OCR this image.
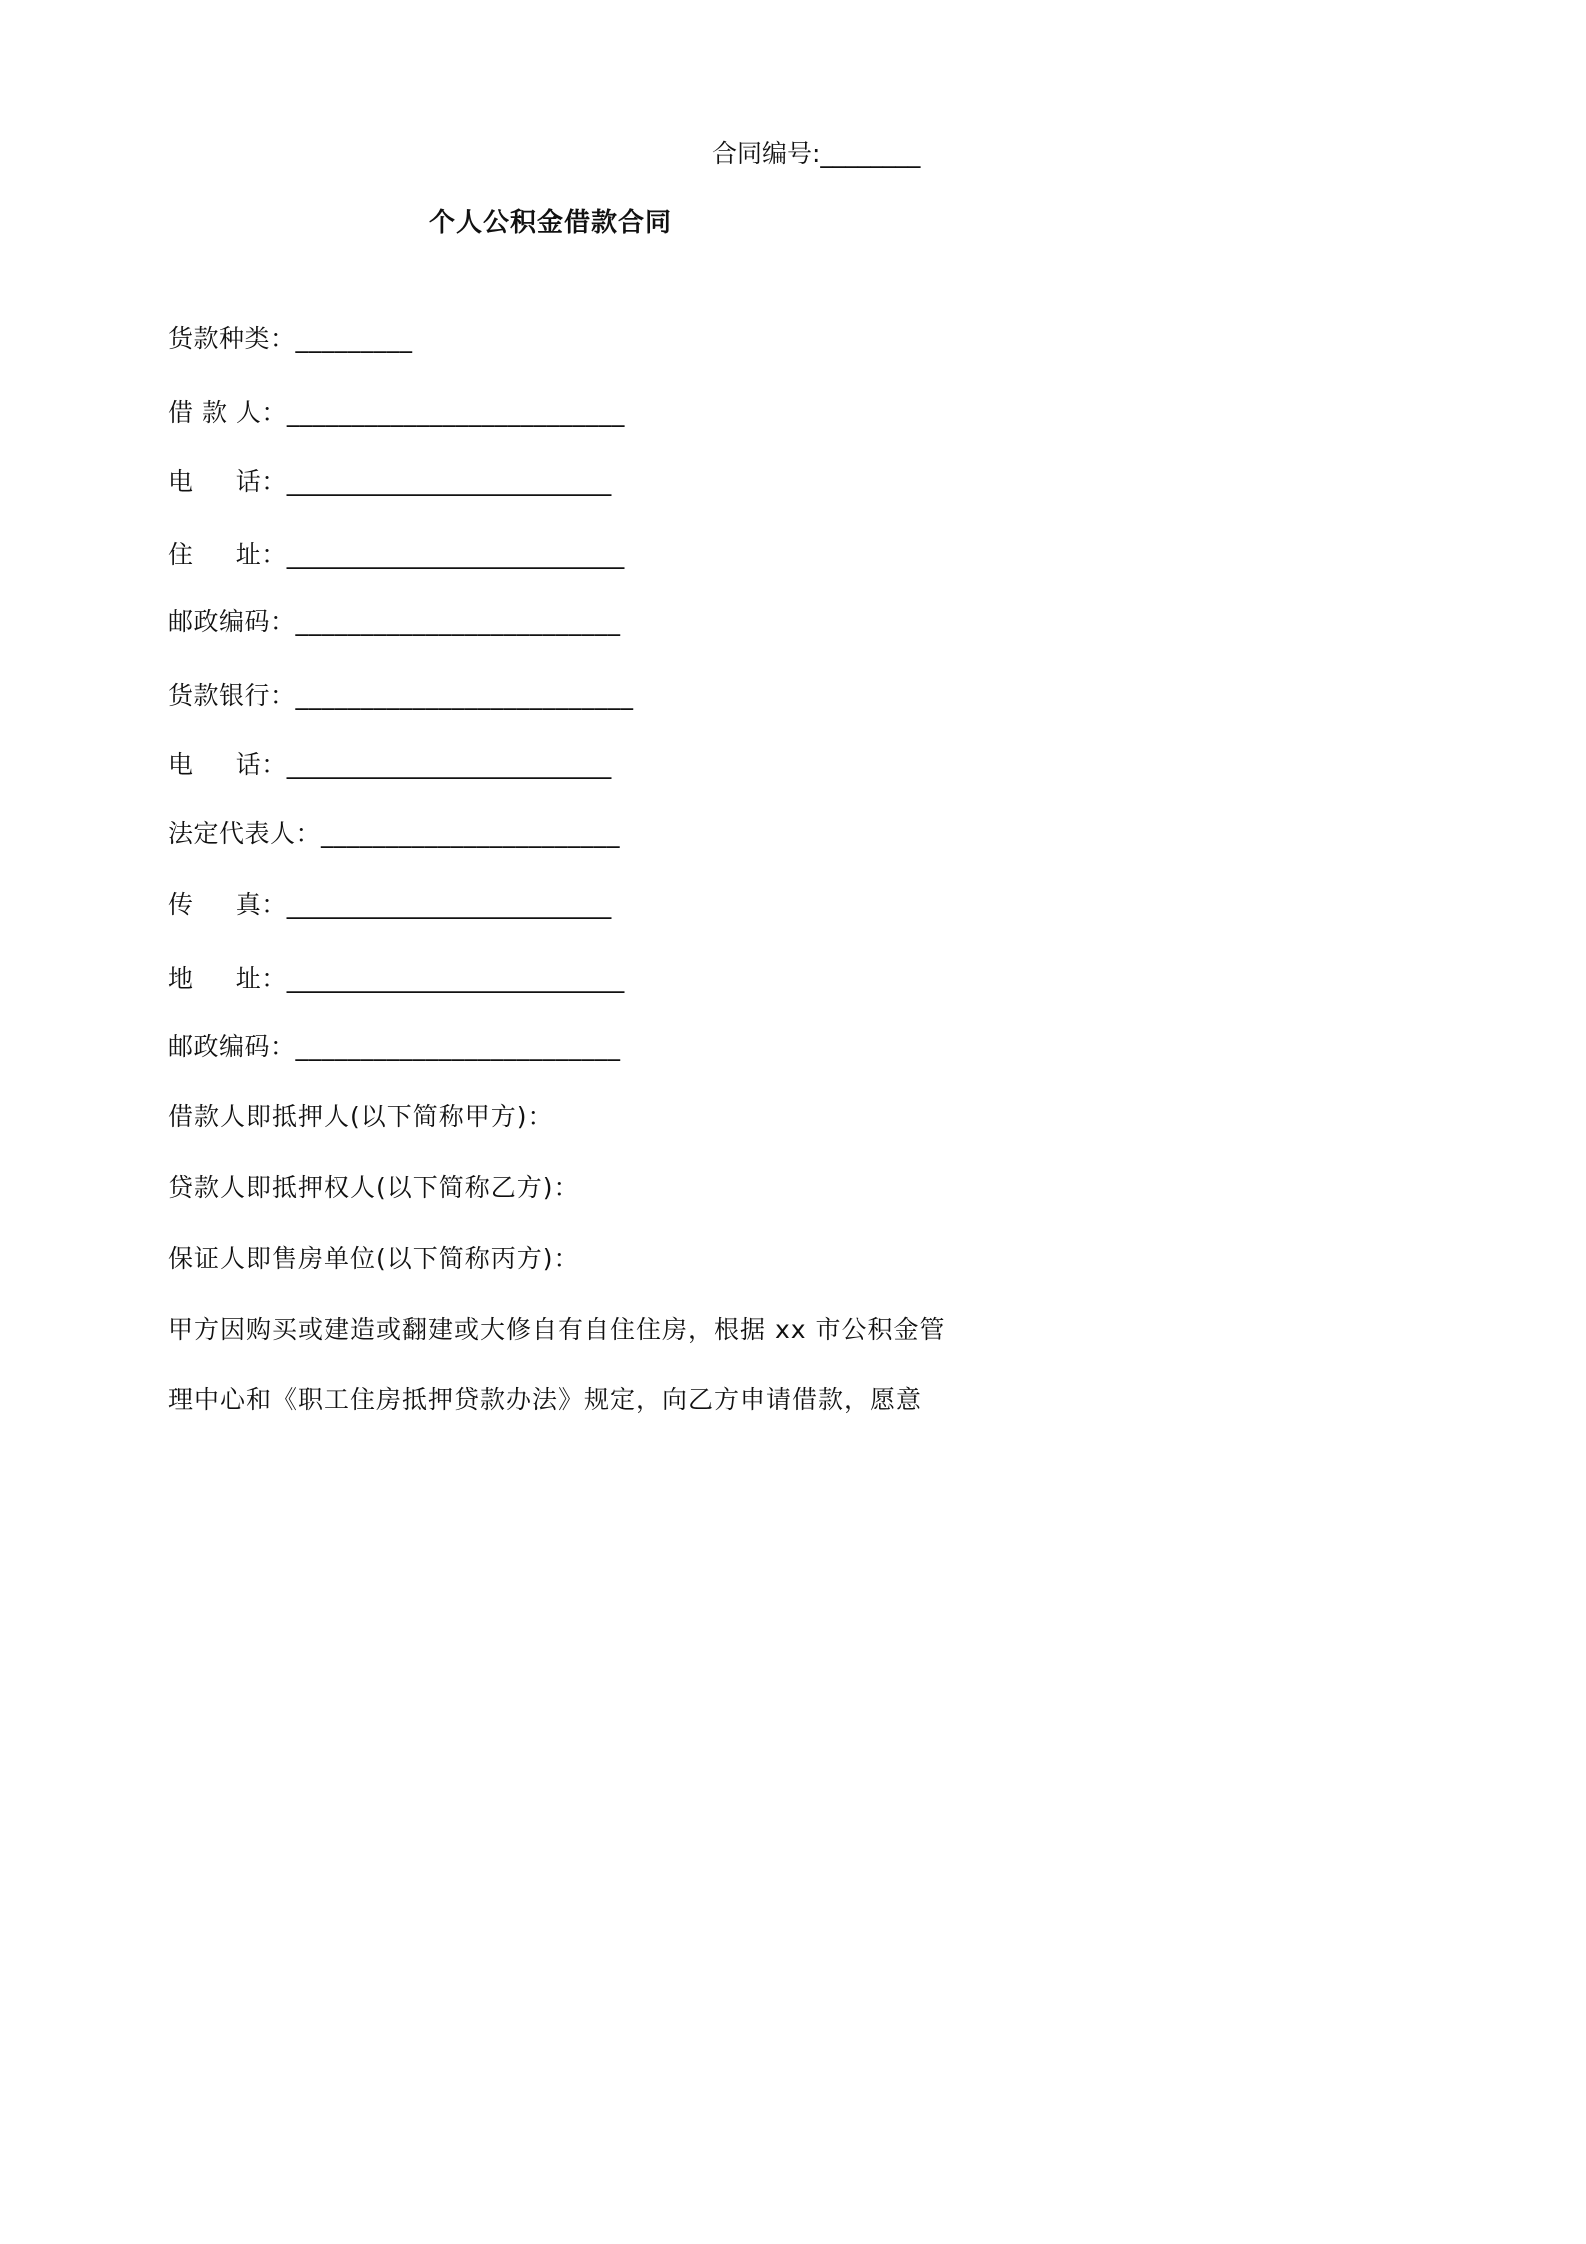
合同编号:________
个人公积金借款合同
货款种类：_________
借 款 人：__________________________
电     话：_________________________
住     址：__________________________
邮政编码：_________________________
货款银行：__________________________
电     话：_________________________
法定代表人：_______________________
传     真：_________________________
地     址：__________________________
邮政编码：_________________________
借款人即抵押人(以下简称甲方)：
贷款人即抵押权人(以下简称乙方)：
保证人即售房单位(以下简称丙方)：
甲方因购买或建造或翻建或大修自有自住住房，根据 xx 市公积金管
理中心和《职工住房抵押贷款办法》规定，向乙方申请借款，愿意
